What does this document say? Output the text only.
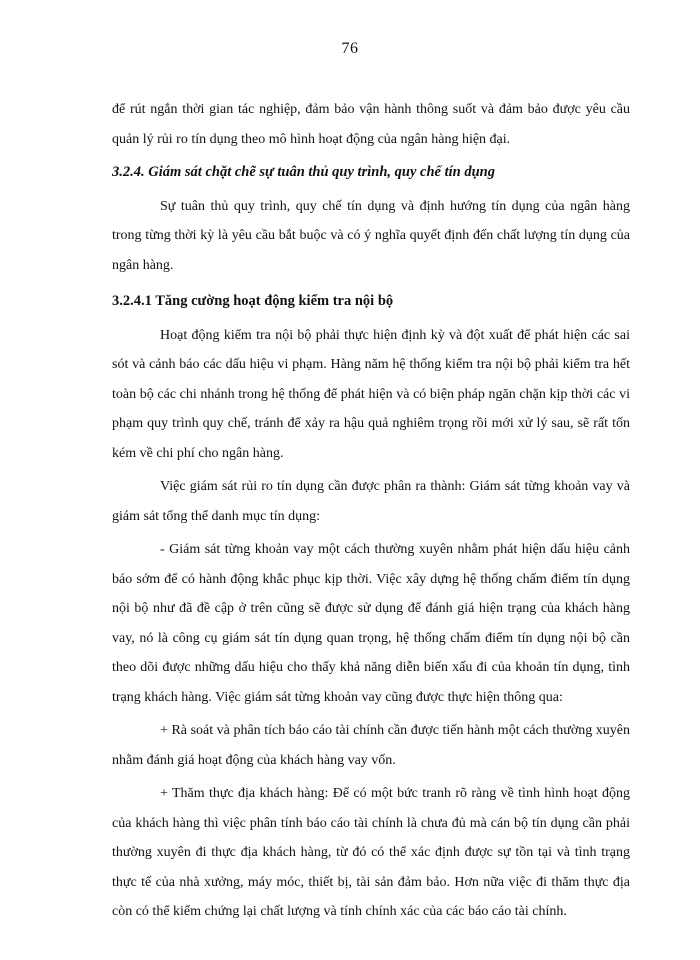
76

để rút ngắn thời gian tác nghiệp, đảm bảo vận hành thông suốt và đảm bảo được yêu cầu quản lý rủi ro tín dụng theo mô hình hoạt động của ngân hàng hiện đại.

3.2.4. Giám sát chặt chẽ sự tuân thủ quy trình, quy chế tín dụng

Sự tuân thủ quy trình, quy chế tín dụng và định hướng tín dụng của ngân hàng trong từng thời kỳ là yêu cầu bắt buộc và có ý nghĩa quyết định đến chất lượng tín dụng của ngân hàng.

3.2.4.1 Tăng cường hoạt động kiểm tra nội bộ

Hoạt động kiểm tra nội bộ phải thực hiện định kỳ và đột xuất để phát hiện các sai sót và cảnh báo các dấu hiệu vi phạm. Hàng năm hệ thống kiểm tra nội bộ phải kiểm tra hết toàn bộ các chi nhánh trong hệ thống để phát hiện và có biện pháp ngăn chặn kịp thời các vi phạm quy trình quy chế, tránh để xảy ra hậu quả nghiêm trọng rồi mới xử lý sau, sẽ rất tốn kém về chi phí cho ngân hàng.

Việc giám sát rủi ro tín dụng cần được phân ra thành: Giám sát từng khoản vay và giám sát tổng thể danh mục tín dụng:

- Giám sát từng khoản vay một cách thường xuyên nhằm phát hiện dấu hiệu cảnh báo sớm để có hành động khắc phục kịp thời. Việc xây dựng hệ thống chấm điểm tín dụng nội bộ như đã đề cập ở trên cũng sẽ được sử dụng để đánh giá hiện trạng của khách hàng vay, nó là công cụ giám sát tín dụng quan trọng, hệ thống chấm điểm tín dụng nội bộ cần theo dõi được những dấu hiệu cho thấy khả năng diễn biến xấu đi của khoản tín dụng, tình trạng khách hàng. Việc giám sát từng khoản vay cũng được thực hiện thông qua:

+ Rà soát và phân tích báo cáo tài chính cần được tiến hành một cách thường xuyên nhằm đánh giá hoạt động của khách hàng vay vốn.

+ Thăm thực địa khách hàng: Để có một bức tranh rõ ràng về tình hình hoạt động của khách hàng thì việc phân tính báo cáo tài chính là chưa đủ mà cán bộ tín dụng cần phải thường xuyên đi thực địa khách hàng, từ đó có thể xác định được sự tồn tại và tình trạng thực tế của nhà xưởng, máy móc, thiết bị, tài sản đảm bảo. Hơn nữa việc đi thăm thực địa còn có thể kiểm chứng lại chất lượng và tính chính xác của các báo cáo tài chính.
